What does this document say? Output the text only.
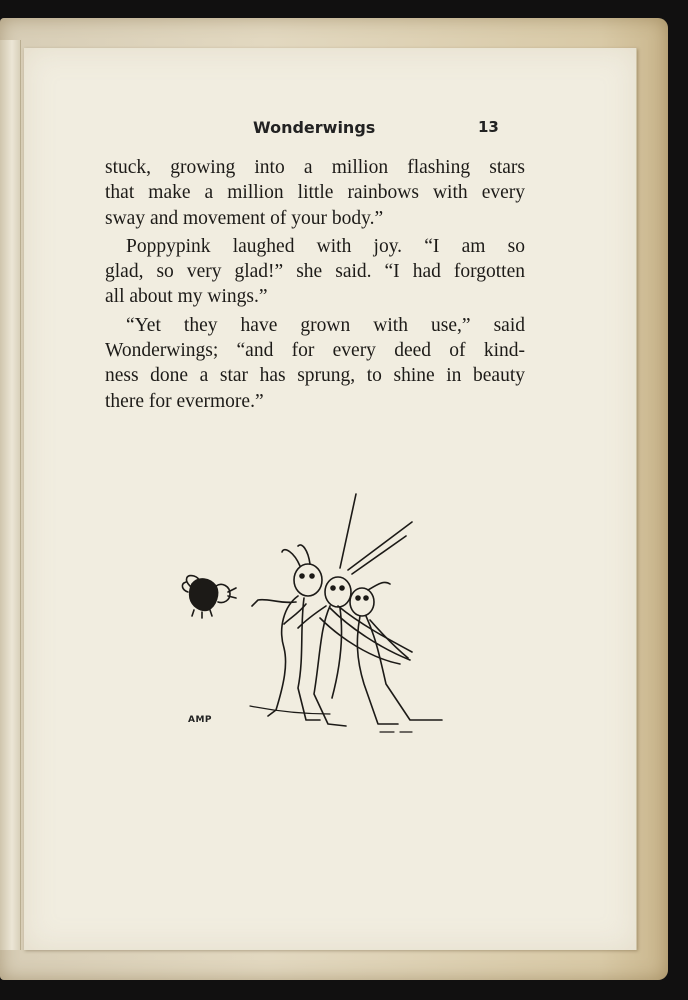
Wonderwings	13
stuck, growing into a million flashing stars
that make a million little rainbows with every
sway and movement of your body.”
Poppypink laughed with joy. “I am so
glad, so very glad!” she said. “I had forgotten
all about my wings.”
“Yet they have grown with use,” said
Wonderwings; “and for every deed of kind-
ness done a star has sprung, to shine in beauty
there for evermore.”
AMP
